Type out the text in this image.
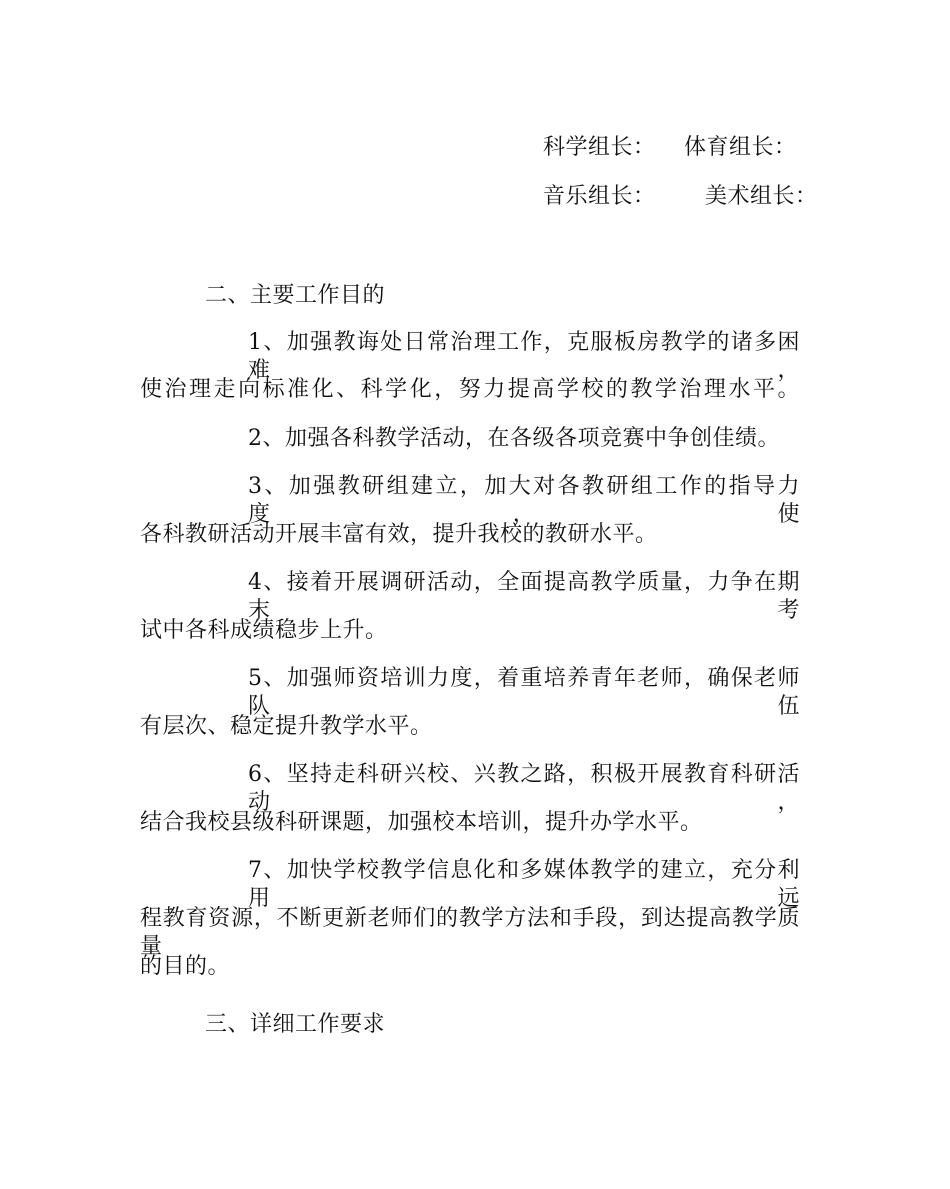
科学组长： 体育组长：
音乐组长： 美术组长：
二、主要工作目的
1、加强教诲处日常治理工作，克服板房教学的诸多困难，
使治理走向标准化、科学化，努力提高学校的教学治理水平。
2、加强各科教学活动，在各级各项竞赛中争创佳绩。
3、加强教研组建立，加大对各教研组工作的指导力度，使
各科教研活动开展丰富有效，提升我校的教研水平。
4、接着开展调研活动，全面提高教学质量，力争在期末考
试中各科成绩稳步上升。
5、加强师资培训力度，着重培养青年老师，确保老师队伍
有层次、稳定提升教学水平。
6、坚持走科研兴校、兴教之路，积极开展教育科研活动，
结合我校县级科研课题，加强校本培训，提升办学水平。
7、加快学校教学信息化和多媒体教学的建立，充分利用远
程教育资源，不断更新老师们的教学方法和手段，到达提高教学质量
的目的。
三、详细工作要求
